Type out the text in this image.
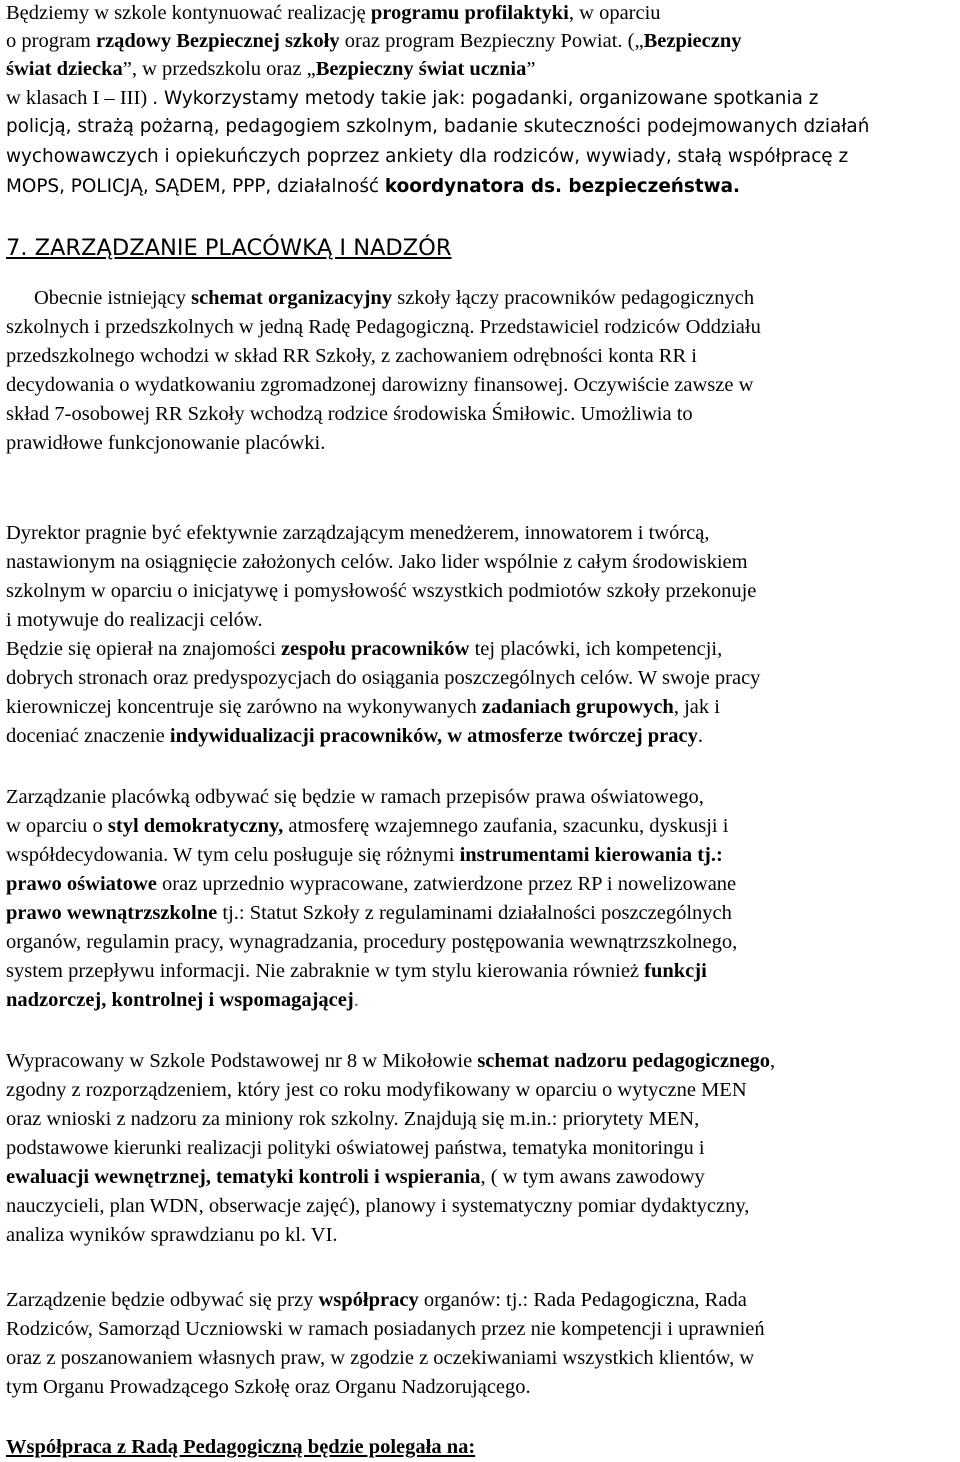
Będziemy w szkole kontynuować realizację programu profilaktyki, w oparciu
o program rządowy Bezpiecznej szkoły oraz program Bezpieczny Powiat. („Bezpieczny
świat dziecka”, w przedszkolu oraz „Bezpieczny świat ucznia”
w klasach I – III) . Wykorzystamy metody takie jak: pogadanki, organizowane spotkania z
policją, strażą pożarną, pedagogiem szkolnym, badanie skuteczności podejmowanych działań
wychowawczych i opiekuńczych poprzez ankiety dla rodziców, wywiady, stałą współpracę z
MOPS, POLICJĄ, SĄDEM, PPP, działalność koordynatora ds. bezpieczeństwa.
7. ZARZĄDZANIE PLACÓWKĄ I NADZÓR
Obecnie istniejący schemat organizacyjny szkoły łączy pracowników pedagogicznych
szkolnych i przedszkolnych w jedną Radę Pedagogiczną. Przedstawiciel rodziców Oddziału
przedszkolnego wchodzi w skład RR Szkoły, z zachowaniem odrębności konta RR i
decydowania o wydatkowaniu zgromadzonej darowizny finansowej. Oczywiście zawsze w
skład 7-osobowej RR Szkoły wchodzą rodzice środowiska Śmiłowic. Umożliwia to
prawidłowe funkcjonowanie placówki.
Dyrektor pragnie być efektywnie zarządzającym menedżerem, innowatorem i twórcą,
nastawionym na osiągnięcie założonych celów. Jako lider wspólnie z całym środowiskiem
szkolnym w oparciu o inicjatywę i pomysłowość wszystkich podmiotów szkoły przekonuje
i motywuje do realizacji celów.
Będzie się opierał na znajomości zespołu pracowników tej placówki, ich kompetencji,
dobrych stronach oraz predyspozycjach do osiągania poszczególnych celów. W swoje pracy
kierowniczej koncentruje się zarówno na wykonywanych zadaniach grupowych, jak i
doceniać znaczenie indywidualizacji pracowników, w atmosferze twórczej pracy.
Zarządzanie placówką odbywać się będzie w ramach przepisów prawa oświatowego,
w oparciu o styl demokratyczny, atmosferę wzajemnego zaufania, szacunku, dyskusji i
współdecydowania. W tym celu posługuje się różnymi instrumentami kierowania tj.:
prawo oświatowe oraz uprzednio wypracowane, zatwierdzone przez RP i nowelizowane
prawo wewnątrzszkolne tj.: Statut Szkoły z regulaminami działalności poszczególnych
organów, regulamin pracy, wynagradzania, procedury postępowania wewnątrzszkolnego,
system przepływu informacji. Nie zabraknie w tym stylu kierowania również funkcji
nadzorczej, kontrolnej i wspomagającej.
Wypracowany w Szkole Podstawowej nr 8 w Mikołowie schemat nadzoru pedagogicznego,
zgodny z rozporządzeniem, który jest co roku modyfikowany w oparciu o wytyczne MEN
oraz wnioski z nadzoru za miniony rok szkolny. Znajdują się m.in.: priorytety MEN,
podstawowe kierunki realizacji polityki oświatowej państwa, tematyka monitoringu i
ewaluacji wewnętrznej, tematyki kontroli i wspierania, ( w tym awans zawodowy
nauczycieli, plan WDN, obserwacje zajęć), planowy i systematyczny pomiar dydaktyczny,
analiza wyników sprawdzianu po kl. VI.
Zarządzenie będzie odbywać się przy współpracy organów: tj.: Rada Pedagogiczna, Rada
Rodziców, Samorząd Uczniowski w ramach posiadanych przez nie kompetencji i uprawnień
oraz z poszanowaniem własnych praw, w zgodzie z oczekiwaniami wszystkich klientów, w
tym Organu Prowadzącego Szkołę oraz Organu Nadzorującego.
Współpraca z Radą Pedagogiczną będzie polegała na:
